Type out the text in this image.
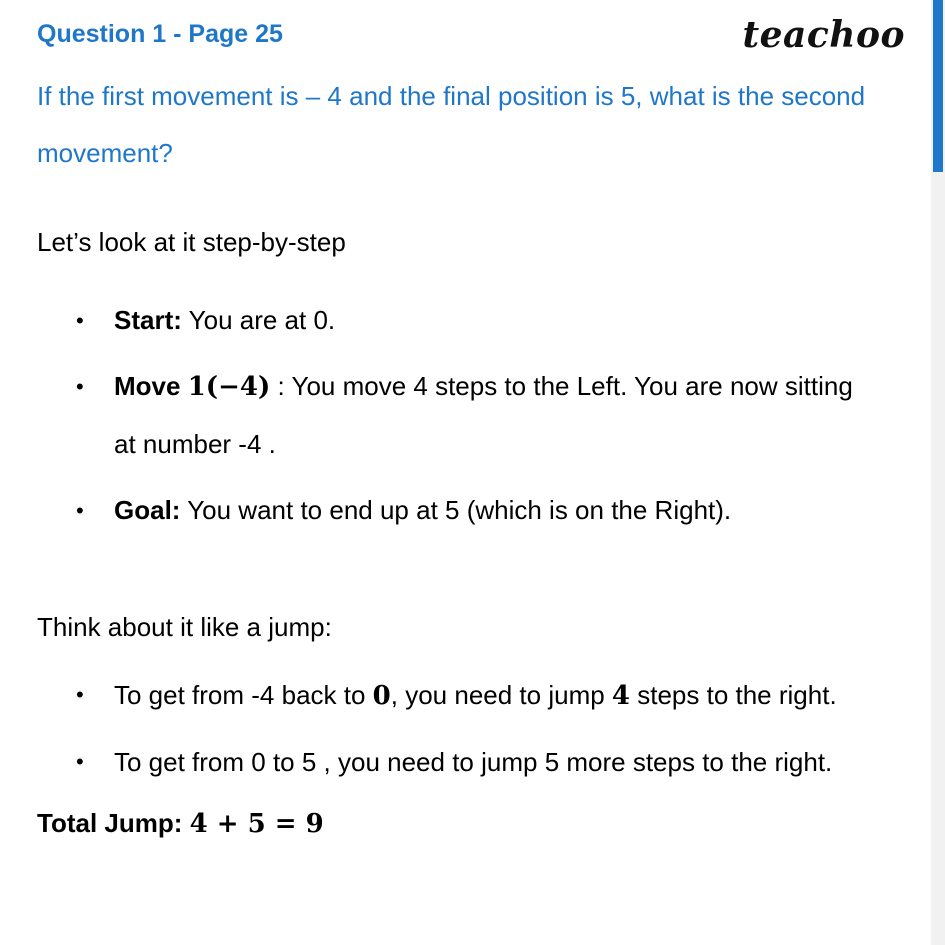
Question 1 - Page 25	teachoo
If the first movement is – 4 and the final position is 5, what is the second movement?
Let’s look at it step-by-step
• Start: You are at 0.
• Move 1(−4) : You move 4 steps to the Left. You are now sitting at number -4 .
• Goal: You want to end up at 5 (which is on the Right).
Think about it like a jump:
• To get from -4 back to 0, you need to jump 4 steps to the right.
• To get from 0 to 5 , you need to jump 5 more steps to the right.
Total Jump: 4 + 5 = 9
